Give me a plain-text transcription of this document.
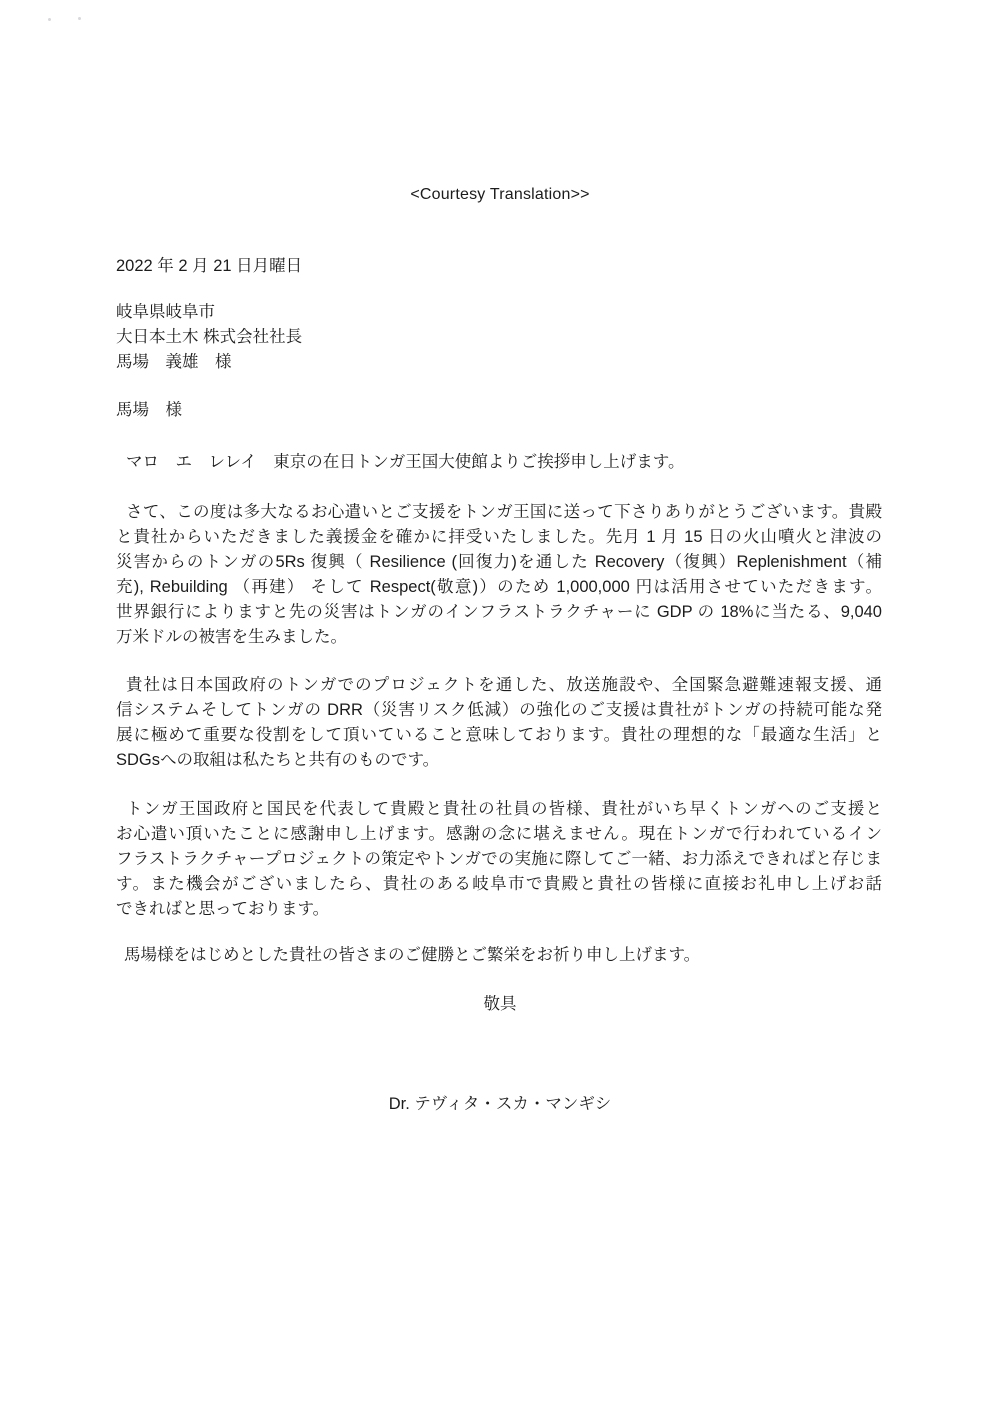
<Courtesy Translation>>
2022 年 2 月 21 日月曜日
岐阜県岐阜市
大日本土木 株式会社社長
馬場　義雄　様
馬場　様
マロ　エ　レレイ　東京の在日トンガ王国大使館よりご挨拶申し上げます。
さて、この度は多大なるお心遣いとご支援をトンガ王国に送って下さりありがとうございます。貴殿
と貴社からいただきました義援金を確かに拝受いたしました。先月 1 月 15 日の火山噴火と津波の
災害からのトンガの5Rs 復興（ Resilience (回復力)を通した Recovery（復興）Replenishment（補
充), Rebuilding （再建） そして Respect(敬意)）のため 1,000,000 円は活用させていただきます。
世界銀行によりますと先の災害はトンガのインフラストラクチャーに GDP の 18%に当たる、9,040
万米ドルの被害を生みました。
貴社は日本国政府のトンガでのプロジェクトを通した、放送施設や、全国緊急避難速報支援、通
信システムそしてトンガの DRR（災害リスク低減）の強化のご支援は貴社がトンガの持続可能な発
展に極めて重要な役割をして頂いていること意味しております。貴社の理想的な「最適な生活」と
SDGsへの取組は私たちと共有のものです。
トンガ王国政府と国民を代表して貴殿と貴社の社員の皆様、貴社がいち早くトンガへのご支援と
お心遣い頂いたことに感謝申し上げます。感謝の念に堪えません。現在トンガで行われているイン
フラストラクチャープロジェクトの策定やトンガでの実施に際してご一緒、お力添えできればと存じま
す。また機会がございましたら、貴社のある岐阜市で貴殿と貴社の皆様に直接お礼申し上げお話
できればと思っております。
馬場様をはじめとした貴社の皆さまのご健勝とご繁栄をお祈り申し上げます。
敬具
Dr. テヴィタ・スカ・マンギシ
